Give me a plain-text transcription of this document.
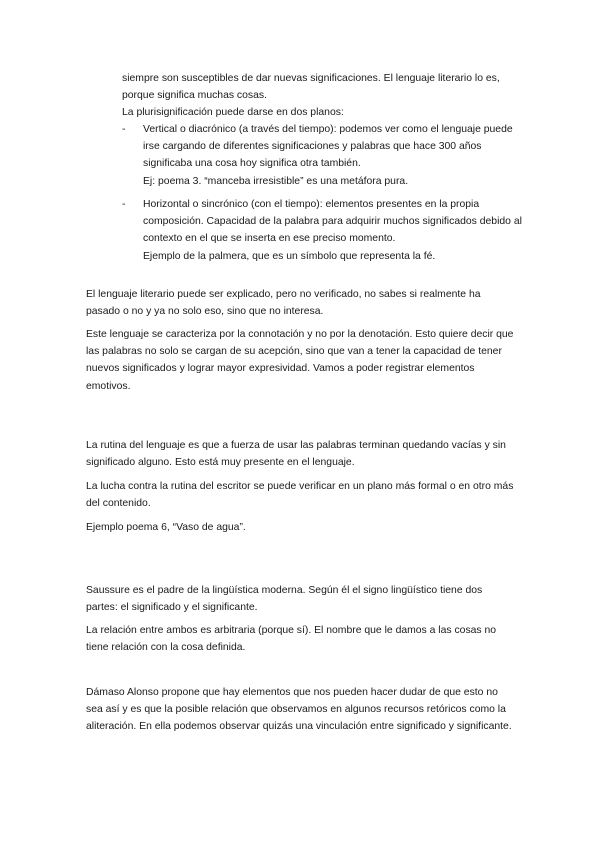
siempre son susceptibles de dar nuevas significaciones. El lenguaje literario lo es, porque significa muchas cosas.

La plurisignificación puede darse en dos planos:

- Vertical o diacrónico (a través del tiempo): podemos ver como el lenguaje puede irse cargando de diferentes significaciones y palabras que hace 300 años significaba una cosa hoy significa otra también.
Ej: poema 3. “manceba irresistible” es una metáfora pura.
- Horizontal o sincrónico (con el tiempo): elementos presentes en la propia composición. Capacidad de la palabra para adquirir muchos significados debido al contexto en el que se inserta en ese preciso momento.
Ejemplo de la palmera, que es un símbolo que representa la fé.

El lenguaje literario puede ser explicado, pero no verificado, no sabes si realmente ha pasado o no y ya no solo eso, sino que no interesa.

Este lenguaje se caracteriza por la connotación y no por la denotación. Esto quiere decir que las palabras no solo se cargan de su acepción, sino que van a tener la capacidad de tener nuevos significados y lograr mayor expresividad. Vamos a poder registrar elementos emotivos.

La rutina del lenguaje es que a fuerza de usar las palabras terminan quedando vacías y sin significado alguno. Esto está muy presente en el lenguaje.

La lucha contra la rutina del escritor se puede verificar en un plano más formal o en otro más del contenido.

Ejemplo poema 6, “Vaso de agua”.

Saussure es el padre de la lingüística moderna. Según él el signo lingüístico tiene dos partes: el significado y el significante.

La relación entre ambos es arbitraria (porque sí). El nombre que le damos a las cosas no tiene relación con la cosa definida.

Dámaso Alonso propone que hay elementos que nos pueden hacer dudar de que esto no sea así y es que la posible relación que observamos en algunos recursos retóricos como la aliteración. En ella podemos observar quizás una vinculación entre significado y significante.
